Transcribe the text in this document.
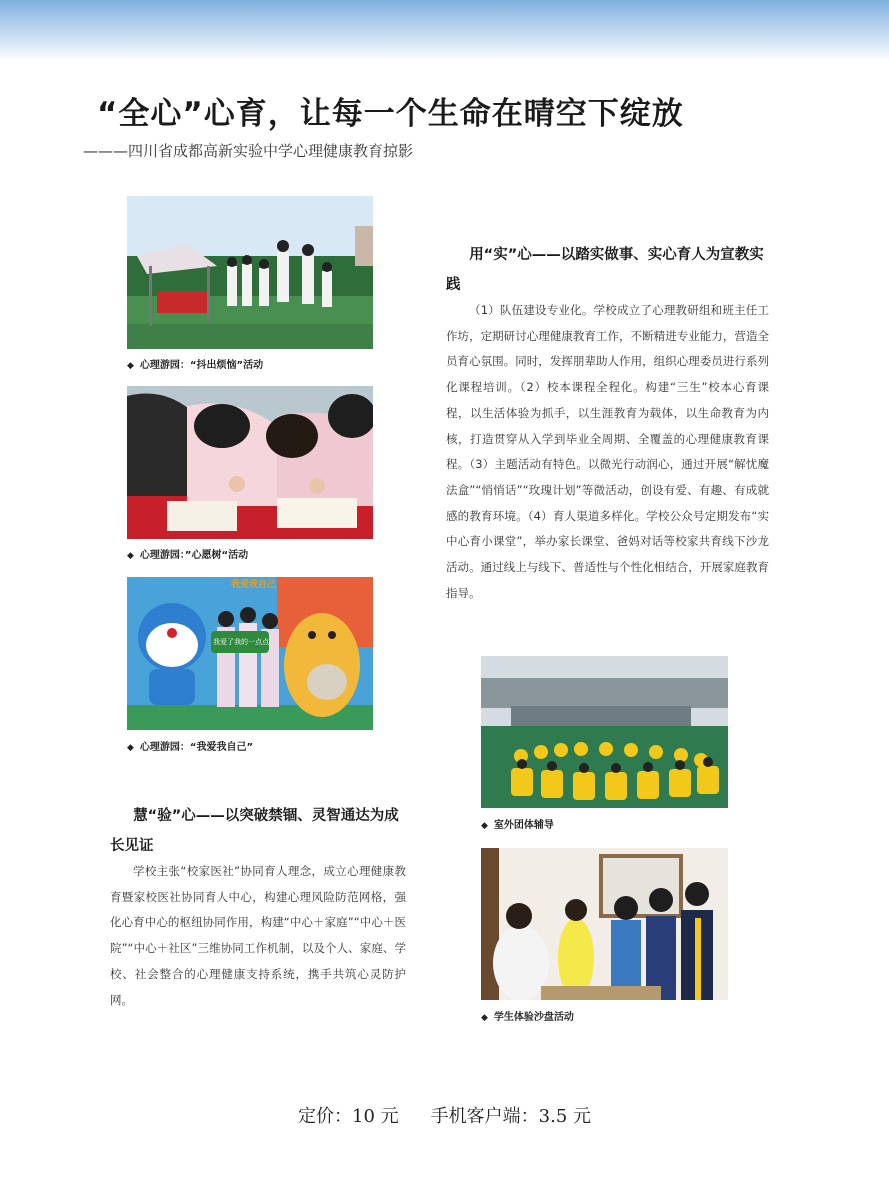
“全心”心育，让每一个生命在晴空下绽放
———四川省成都高新实验中学心理健康教育掠影
◆ 心理游园：“抖出烦恼”活动
◆ 心理游园：”心愿树“活动
我爱了我的一点点
我爱我自己
◆ 心理游园：“我爱我自己”
用“实”心——以踏实做事、实心育人为宣教实践

（1）队伍建设专业化。学校成立了心理教研组和班主任工作坊，定期研讨心理健康教育工作，不断精进专业能力，营造全员育心氛围。同时，发挥朋辈助人作用，组织心理委员进行系列化课程培训。（2）校本课程全程化。构建“三生”校本心育课程，以生活体验为抓手，以生涯教育为载体，以生命教育为内核，打造贯穿从入学到毕业全周期、全覆盖的心理健康教育课程。（3）主题活动有特色。以微光行动润心，通过开展“解忧魔法盒”“悄悄话”“玫瑰计划”等微活动，创设有爱、有趣、有成就感的教育环境。（4）育人渠道多样化。学校公众号定期发布“实中心育小课堂”，举办家长课堂、爸妈对话等校家共育线下沙龙活动。通过线上与线下、普适性与个性化相结合，开展家庭教育指导。

◆ 室外团体辅导
慧“验”心——以突破禁锢、灵智通达为成长见证

学校主张“校家医社”协同育人理念，成立心理健康教育暨家校医社协同育人中心，构建心理风险防范网格，强化心育中心的枢纽协同作用，构建“中心＋家庭”“中心＋医院”“中心＋社区”三维协同工作机制，以及个人、家庭、学校、社会整合的心理健康支持系统，携手共筑心灵防护网。

◆ 学生体验沙盘活动
定价：10 元 手机客户端：3.5 元
